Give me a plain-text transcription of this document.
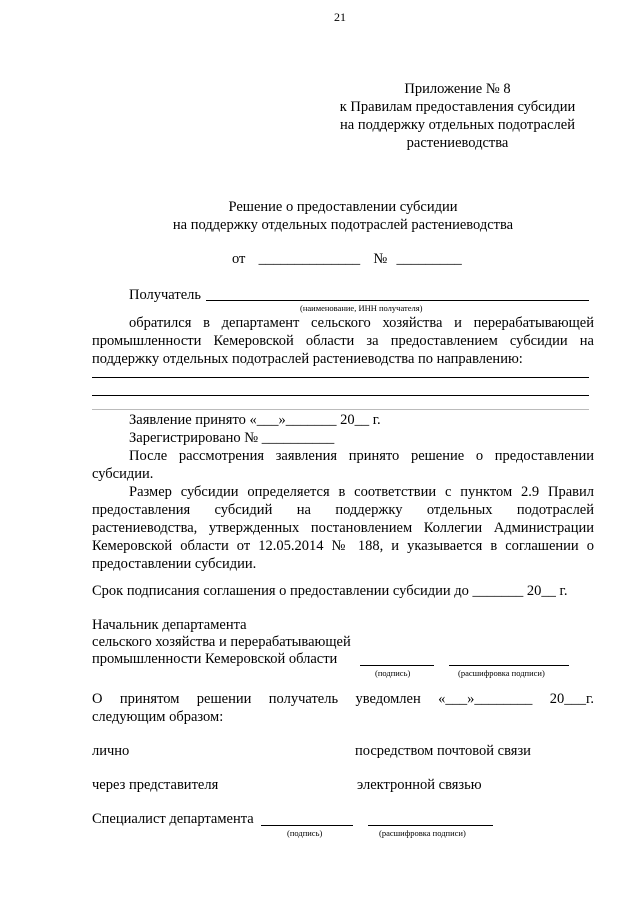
21
Приложение № 8
к Правилам предоставления субсидии
на поддержку отдельных подотраслей
растениеводства
Решение о предоставлении субсидии
на поддержку отдельных подотраслей растениеводства
от ______________ № _________
Получатель
(наименование, ИНН получателя)
обратился в департамент сельского хозяйства и перерабатывающей
промышленности Кемеровской области за предоставлением субсидии на
поддержку отдельных подотраслей растениеводства по направлению:
Заявление принято «___»_______ 20__ г.
Зарегистрировано № __________
После рассмотрения заявления принято решение о предоставлении
субсидии.
Размер субсидии определяется в соответствии с пунктом 2.9 Правил
предоставления субсидий на поддержку отдельных подотраслей
растениеводства, утвержденных постановлением Коллегии Администрации
Кемеровской области от 12.05.2014 № 188, и указывается в соглашении о
предоставлении субсидии.
Срок подписания соглашения о предоставлении субсидии до _______ 20__ г.
Начальник департамента
сельского хозяйства и перерабатывающей
промышленности Кемеровской области
(подпись)	(расшифровка подписи)
О принятом решении получатель уведомлен «___»________ 20___г.
следующим образом:
лично	посредством почтовой связи
через представителя	электронной связью
Специалист департамента
(подпись)	(расшифровка подписи)
